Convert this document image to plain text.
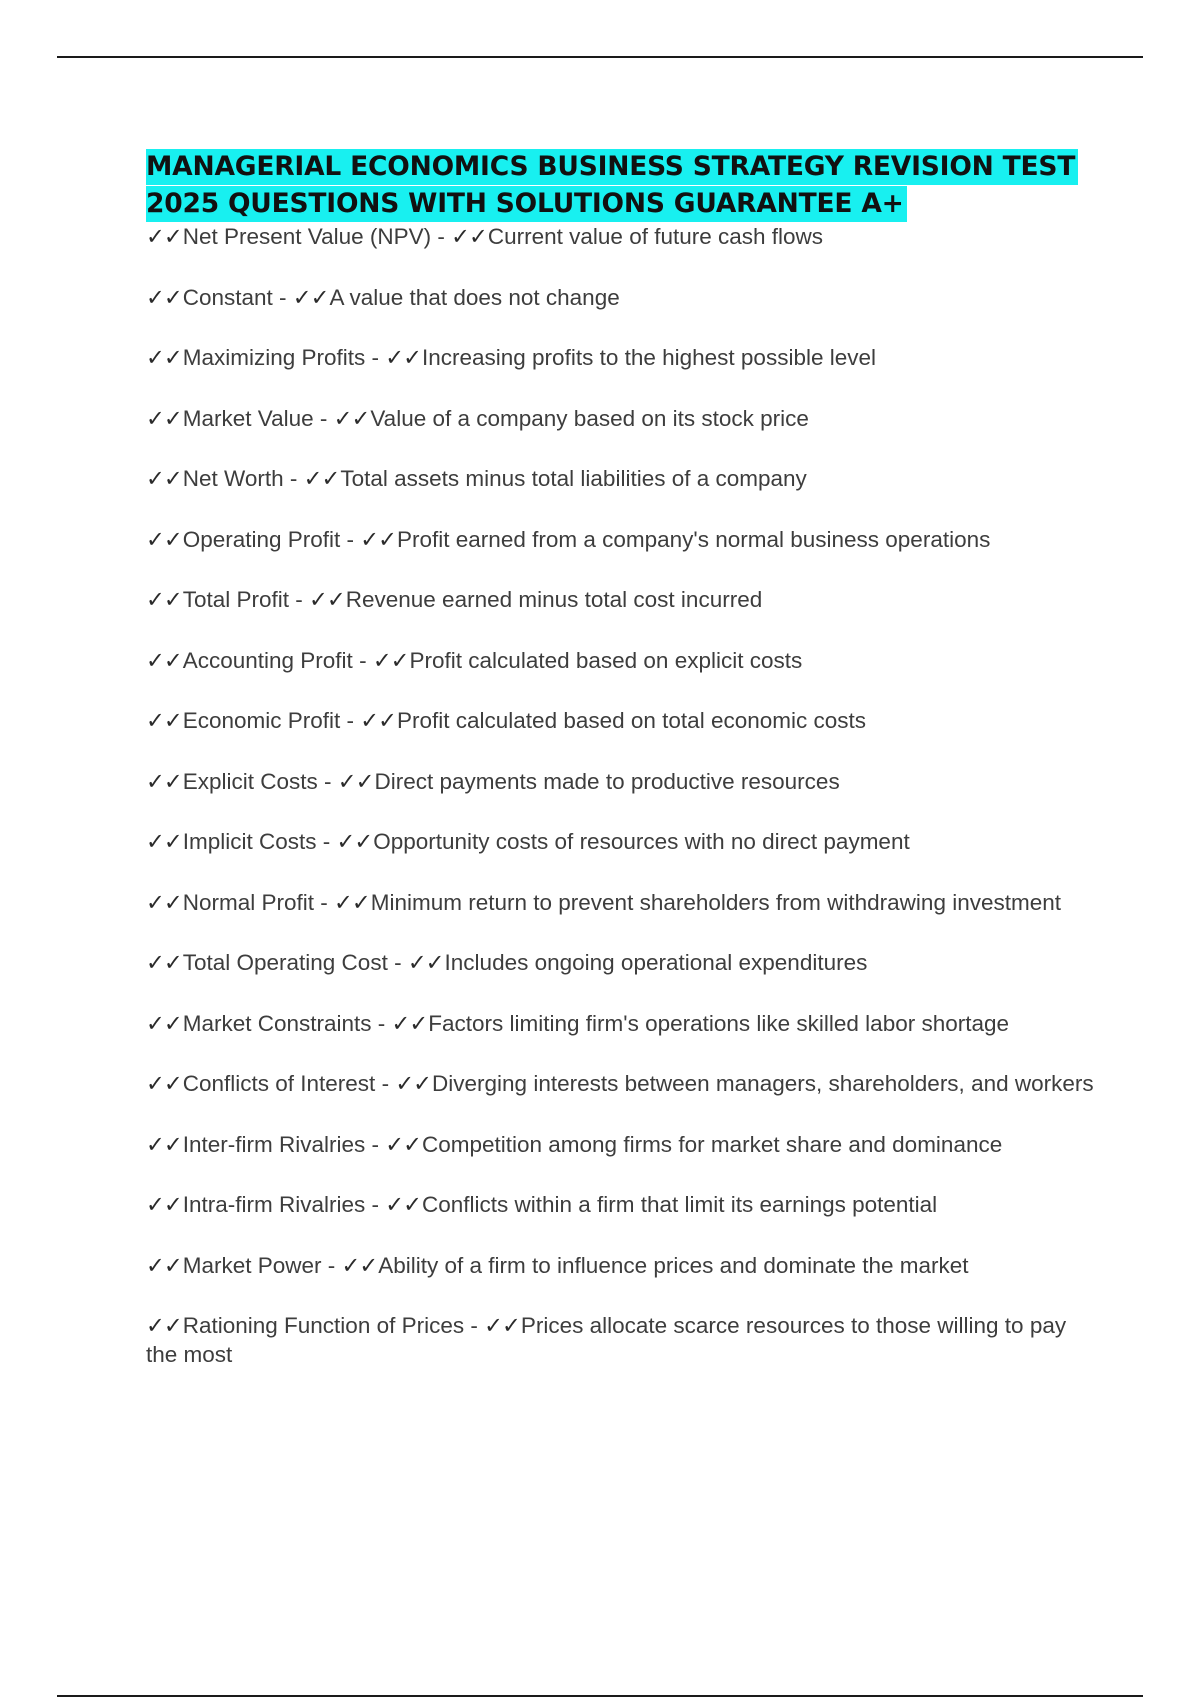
MANAGERIAL ECONOMICS BUSINESS STRATEGY REVISION TEST 2025 QUESTIONS WITH SOLUTIONS GUARANTEE A+
✓✓Net Present Value (NPV) - ✓✓Current value of future cash flows
✓✓Constant - ✓✓A value that does not change
✓✓Maximizing Profits - ✓✓Increasing profits to the highest possible level
✓✓Market Value - ✓✓Value of a company based on its stock price
✓✓Net Worth - ✓✓Total assets minus total liabilities of a company
✓✓Operating Profit - ✓✓Profit earned from a company's normal business operations
✓✓Total Profit - ✓✓Revenue earned minus total cost incurred
✓✓Accounting Profit - ✓✓Profit calculated based on explicit costs
✓✓Economic Profit - ✓✓Profit calculated based on total economic costs
✓✓Explicit Costs - ✓✓Direct payments made to productive resources
✓✓Implicit Costs - ✓✓Opportunity costs of resources with no direct payment
✓✓Normal Profit - ✓✓Minimum return to prevent shareholders from withdrawing investment
✓✓Total Operating Cost - ✓✓Includes ongoing operational expenditures
✓✓Market Constraints - ✓✓Factors limiting firm's operations like skilled labor shortage
✓✓Conflicts of Interest - ✓✓Diverging interests between managers, shareholders, and workers
✓✓Inter-firm Rivalries - ✓✓Competition among firms for market share and dominance
✓✓Intra-firm Rivalries - ✓✓Conflicts within a firm that limit its earnings potential
✓✓Market Power - ✓✓Ability of a firm to influence prices and dominate the market
✓✓Rationing Function of Prices - ✓✓Prices allocate scarce resources to those willing to pay the most
